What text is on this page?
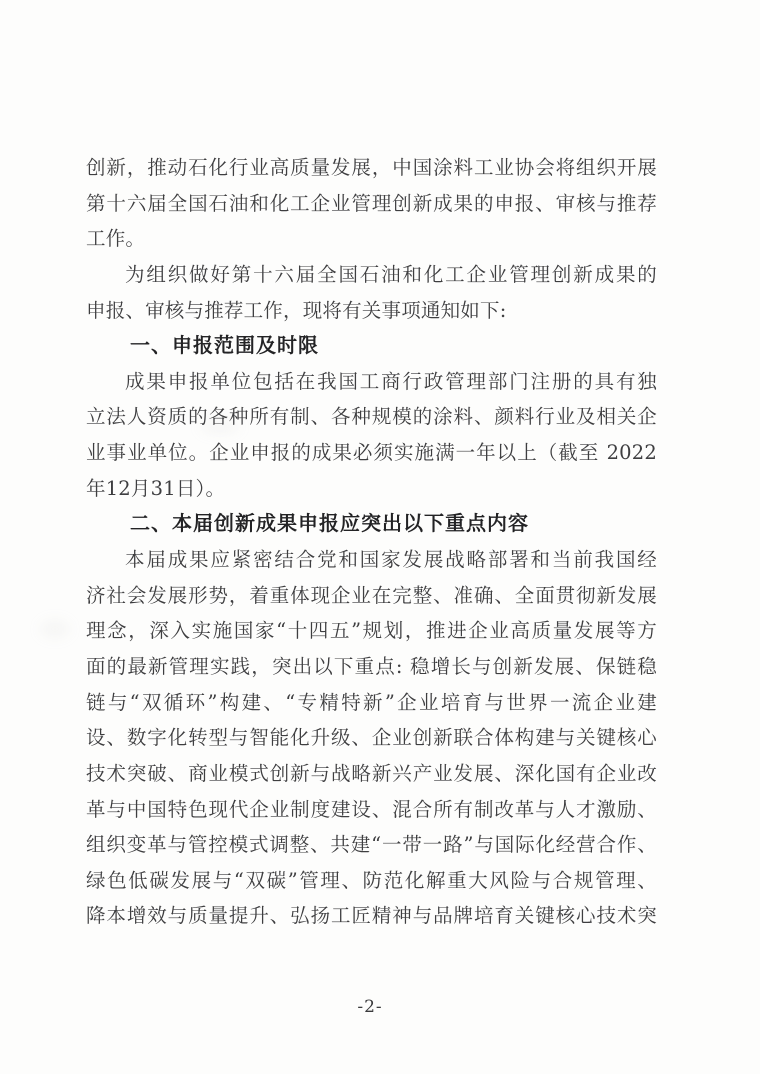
创新，推动石化行业高质量发展，中国涂料工业协会将组织开展
第十六届全国石油和化工企业管理创新成果的申报、审核与推荐
工作。
为组织做好第十六届全国石油和化工企业管理创新成果的
申报、审核与推荐工作，现将有关事项通知如下:
一、申报范围及时限
成果申报单位包括在我国工商行政管理部门注册的具有独
立法人资质的各种所有制、各种规模的涂料、颜料行业及相关企
业事业单位。企业申报的成果必须实施满一年以上（截至 2022
年12月31日）。
二、本届创新成果申报应突出以下重点内容
本届成果应紧密结合党和国家发展战略部署和当前我国经
济社会发展形势，着重体现企业在完整、准确、全面贯彻新发展
理念，深入实施国家“十四五”规划，推进企业高质量发展等方
面的最新管理实践，突出以下重点: 稳增长与创新发展、保链稳
链与“双循环”构建、“专精特新”企业培育与世界一流企业建
设、数字化转型与智能化升级、企业创新联合体构建与关键核心
技术突破、商业模式创新与战略新兴产业发展、深化国有企业改
革与中国特色现代企业制度建设、混合所有制改革与人才激励、
组织变革与管控模式调整、共建“一带一路”与国际化经营合作、
绿色低碳发展与“双碳”管理、防范化解重大风险与合规管理、
降本增效与质量提升、弘扬工匠精神与品牌培育关键核心技术突
-2-
